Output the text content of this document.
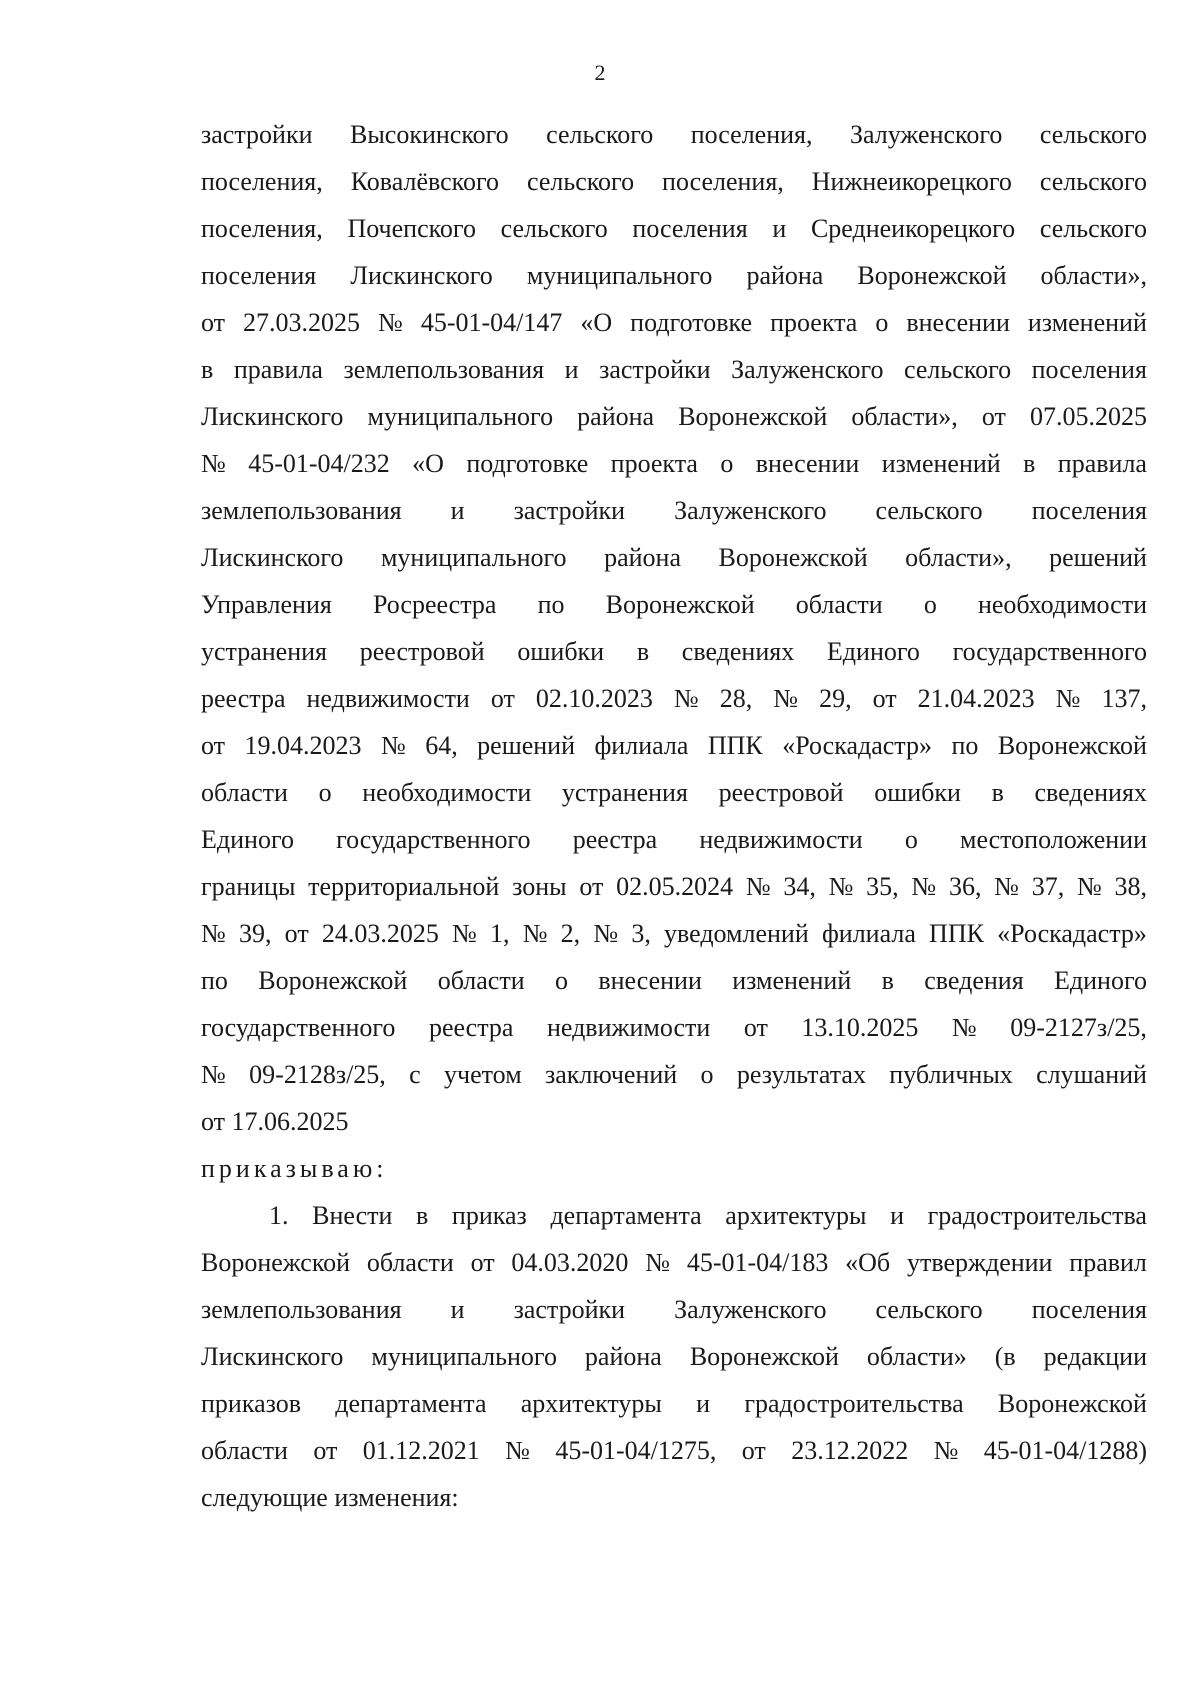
2
застройки Высокинского сельского поселения, Залуженского сельского
поселения, Ковалёвского сельского поселения, Нижнеикорецкого сельского
поселения, Почепского сельского поселения и Среднеикорецкого сельского
поселения Лискинского муниципального района Воронежской области»,
от 27.03.2025 № 45-01-04/147 «О подготовке проекта о внесении изменений
в правила землепользования и застройки Залуженского сельского поселения
Лискинского муниципального района Воронежской области», от 07.05.2025
№ 45-01-04/232 «О подготовке проекта о внесении изменений в правила
землепользования и застройки Залуженского сельского поселения
Лискинского муниципального района Воронежской области», решений
Управления Росреестра по Воронежской области о необходимости
устранения реестровой ошибки в сведениях Единого государственного
реестра недвижимости от 02.10.2023 № 28, № 29, от 21.04.2023 № 137,
от 19.04.2023 № 64, решений филиала ППК «Роскадастр» по Воронежской
области о необходимости устранения реестровой ошибки в сведениях
Единого государственного реестра недвижимости о местоположении
границы территориальной зоны от 02.05.2024 № 34, № 35, № 36, № 37, № 38,
№ 39, от 24.03.2025 № 1, № 2, № 3, уведомлений филиала ППК «Роскадастр»
по Воронежской области о внесении изменений в сведения Единого
государственного реестра недвижимости от 13.10.2025 № 09-2127з/25,
№ 09-2128з/25, с учетом заключений о результатах публичных слушаний
от 17.06.2025
приказываю:
1. Внести в приказ департамента архитектуры и градостроительства
Воронежской области от 04.03.2020 № 45-01-04/183 «Об утверждении правил
землепользования и застройки Залуженского сельского поселения
Лискинского муниципального района Воронежской области» (в редакции
приказов департамента архитектуры и градостроительства Воронежской
области от 01.12.2021 № 45-01-04/1275, от 23.12.2022 № 45-01-04/1288)
следующие изменения:
